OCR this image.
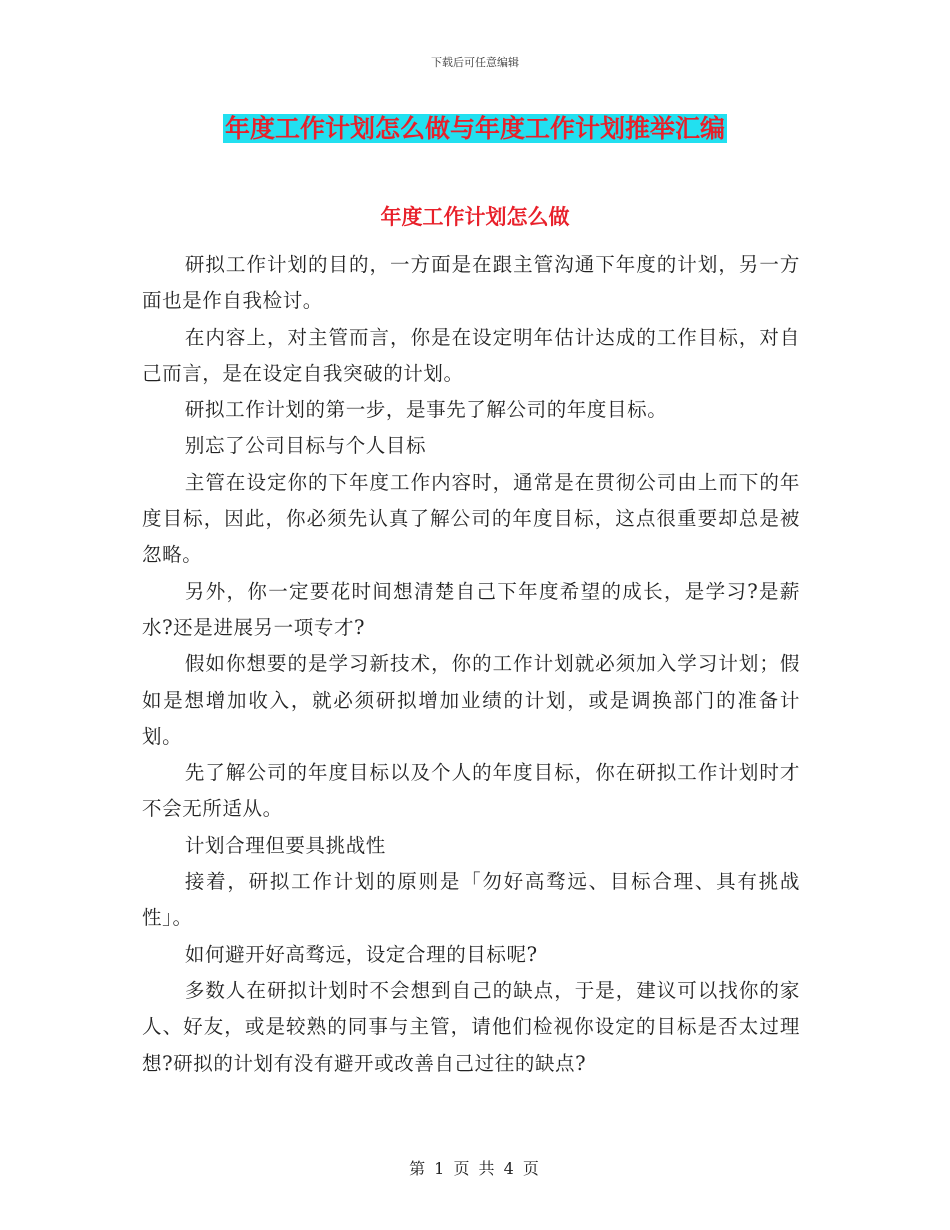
下载后可任意编辑
年度工作计划怎么做与年度工作计划推举汇编
年度工作计划怎么做

研拟工作计划的目的，一方面是在跟主管沟通下年度的计划，另一方面也是作自我检讨。

在内容上，对主管而言，你是在设定明年估计达成的工作目标，对自己而言，是在设定自我突破的计划。

研拟工作计划的第一步，是事先了解公司的年度目标。

别忘了公司目标与个人目标

主管在设定你的下年度工作内容时，通常是在贯彻公司由上而下的年度目标，因此，你必须先认真了解公司的年度目标，这点很重要却总是被忽略。

另外，你一定要花时间想清楚自己下年度希望的成长，是学习?是薪水?还是进展另一项专才?

假如你想要的是学习新技术，你的工作计划就必须加入学习计划；假如是想增加收入，就必须研拟增加业绩的计划，或是调换部门的准备计划。

先了解公司的年度目标以及个人的年度目标，你在研拟工作计划时才不会无所适从。

计划合理但要具挑战性

接着，研拟工作计划的原则是「勿好高骛远、目标合理、具有挑战性」。

如何避开好高骛远，设定合理的目标呢?

多数人在研拟计划时不会想到自己的缺点，于是，建议可以找你的家人、好友，或是较熟的同事与主管，请他们检视你设定的目标是否太过理想?研拟的计划有没有避开或改善自己过往的缺点?

第 1 页 共 4 页
